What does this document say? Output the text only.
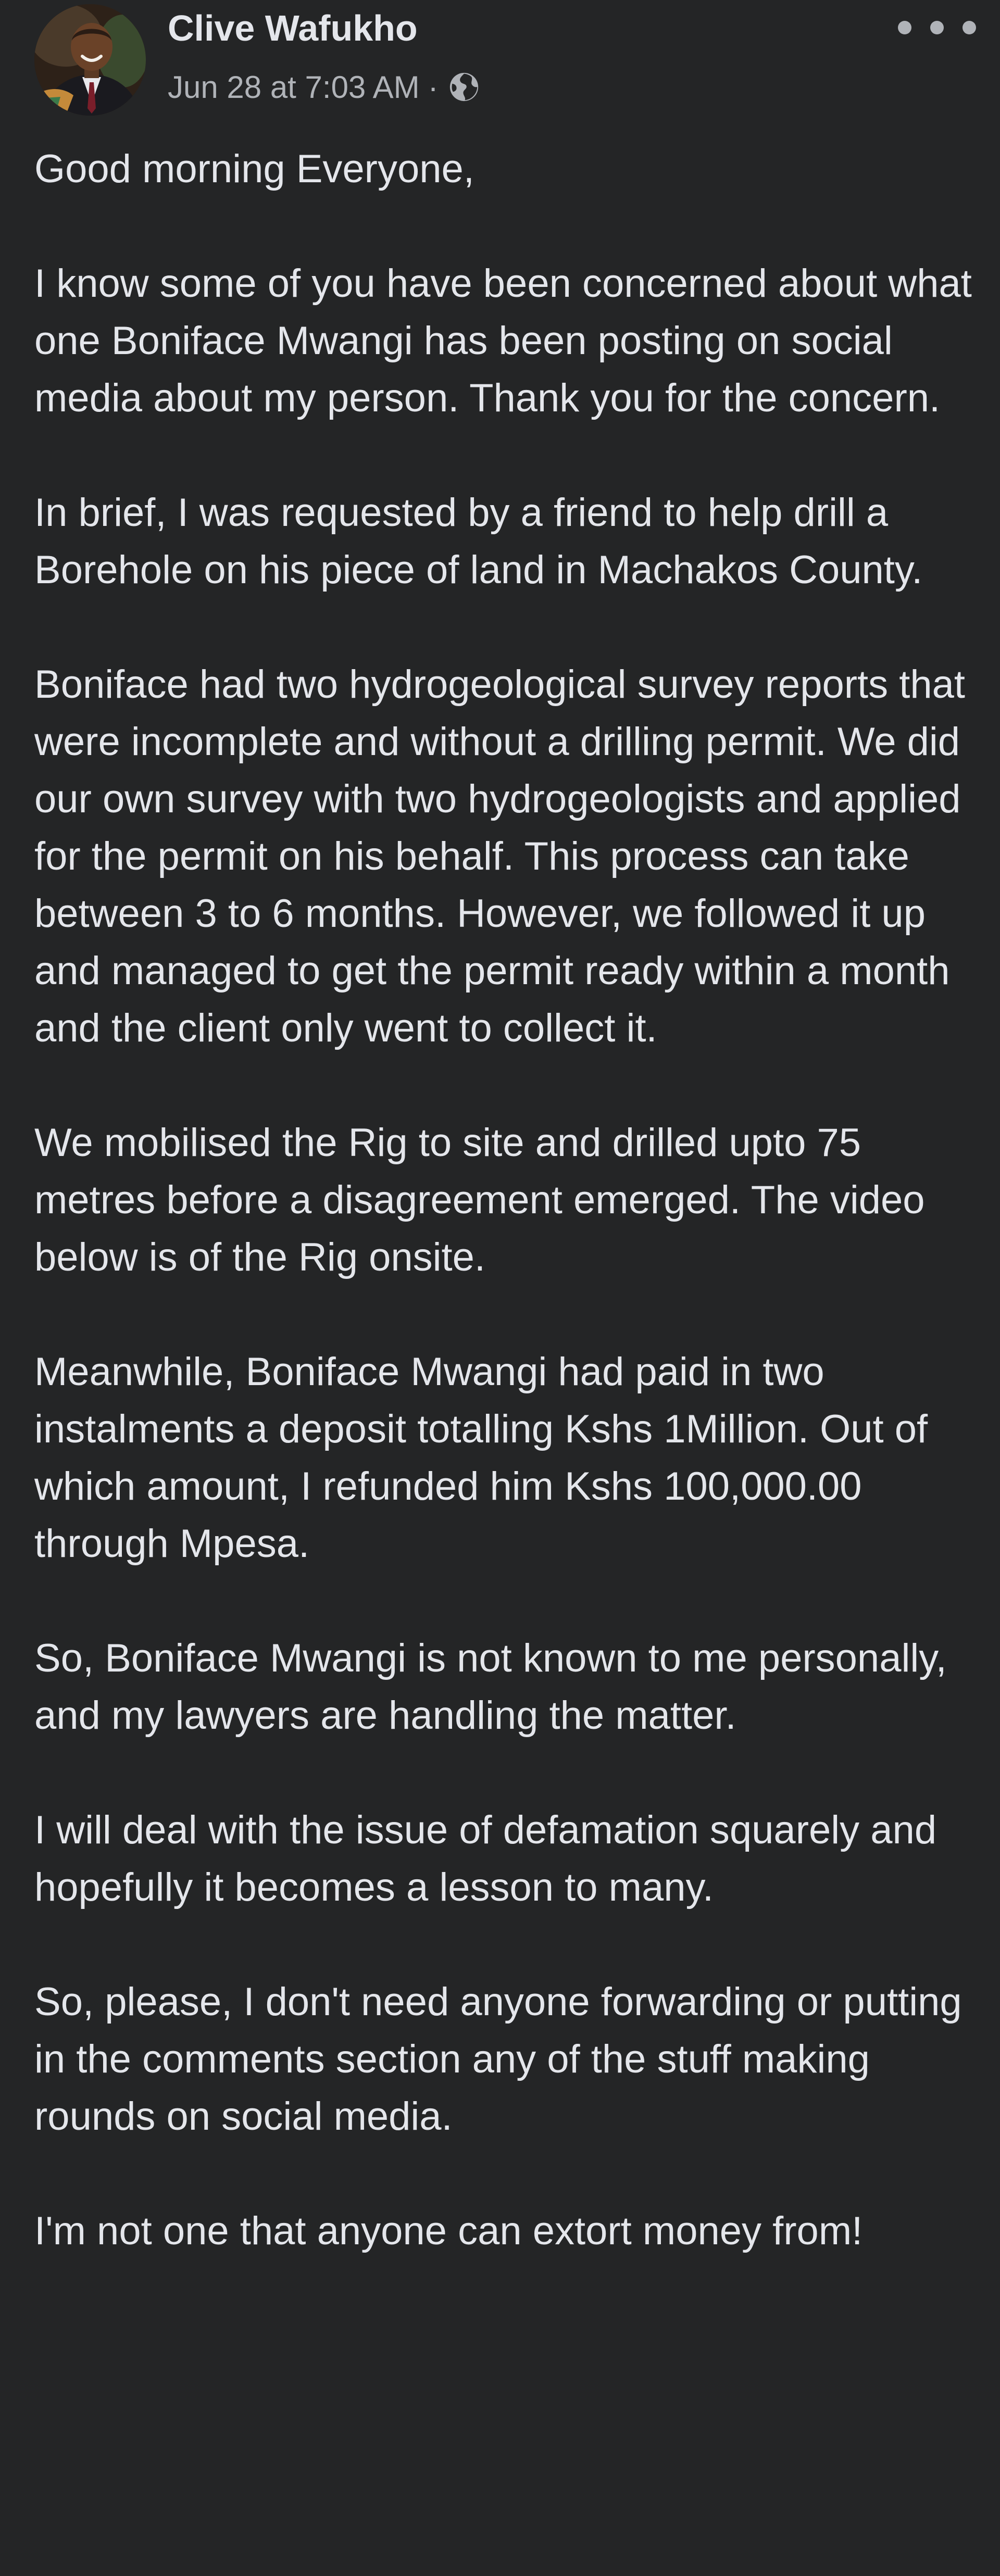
Clive Wafukho
Jun 28 at 7:03 AM ·

Good morning Everyone,

I know some of you have been concerned about what one Boniface Mwangi has been posting on social media about my person. Thank you for the concern.

In brief, I was requested by a friend to help drill a Borehole on his piece of land in Machakos County.

Boniface had two hydrogeological survey reports that were incomplete and without a drilling permit. We did our own survey with two hydrogeologists and applied for the permit on his behalf. This process can take between 3 to 6 months. However, we followed it up and managed to get the permit ready within a month and the client only went to collect it.

We mobilised the Rig to site and drilled upto 75 metres before a disagreement emerged. The video below is of the Rig onsite.

Meanwhile, Boniface Mwangi had paid in two instalments a deposit totalling Kshs 1Million. Out of which amount, I refunded him Kshs 100,000.00 through Mpesa.

So, Boniface Mwangi is not known to me personally, and my lawyers are handling the matter.

I will deal with the issue of defamation squarely and hopefully it becomes a lesson to many.

So, please, I don't need anyone forwarding or putting in the comments section any of the stuff making rounds on social media.

I'm not one that anyone can extort money from!
